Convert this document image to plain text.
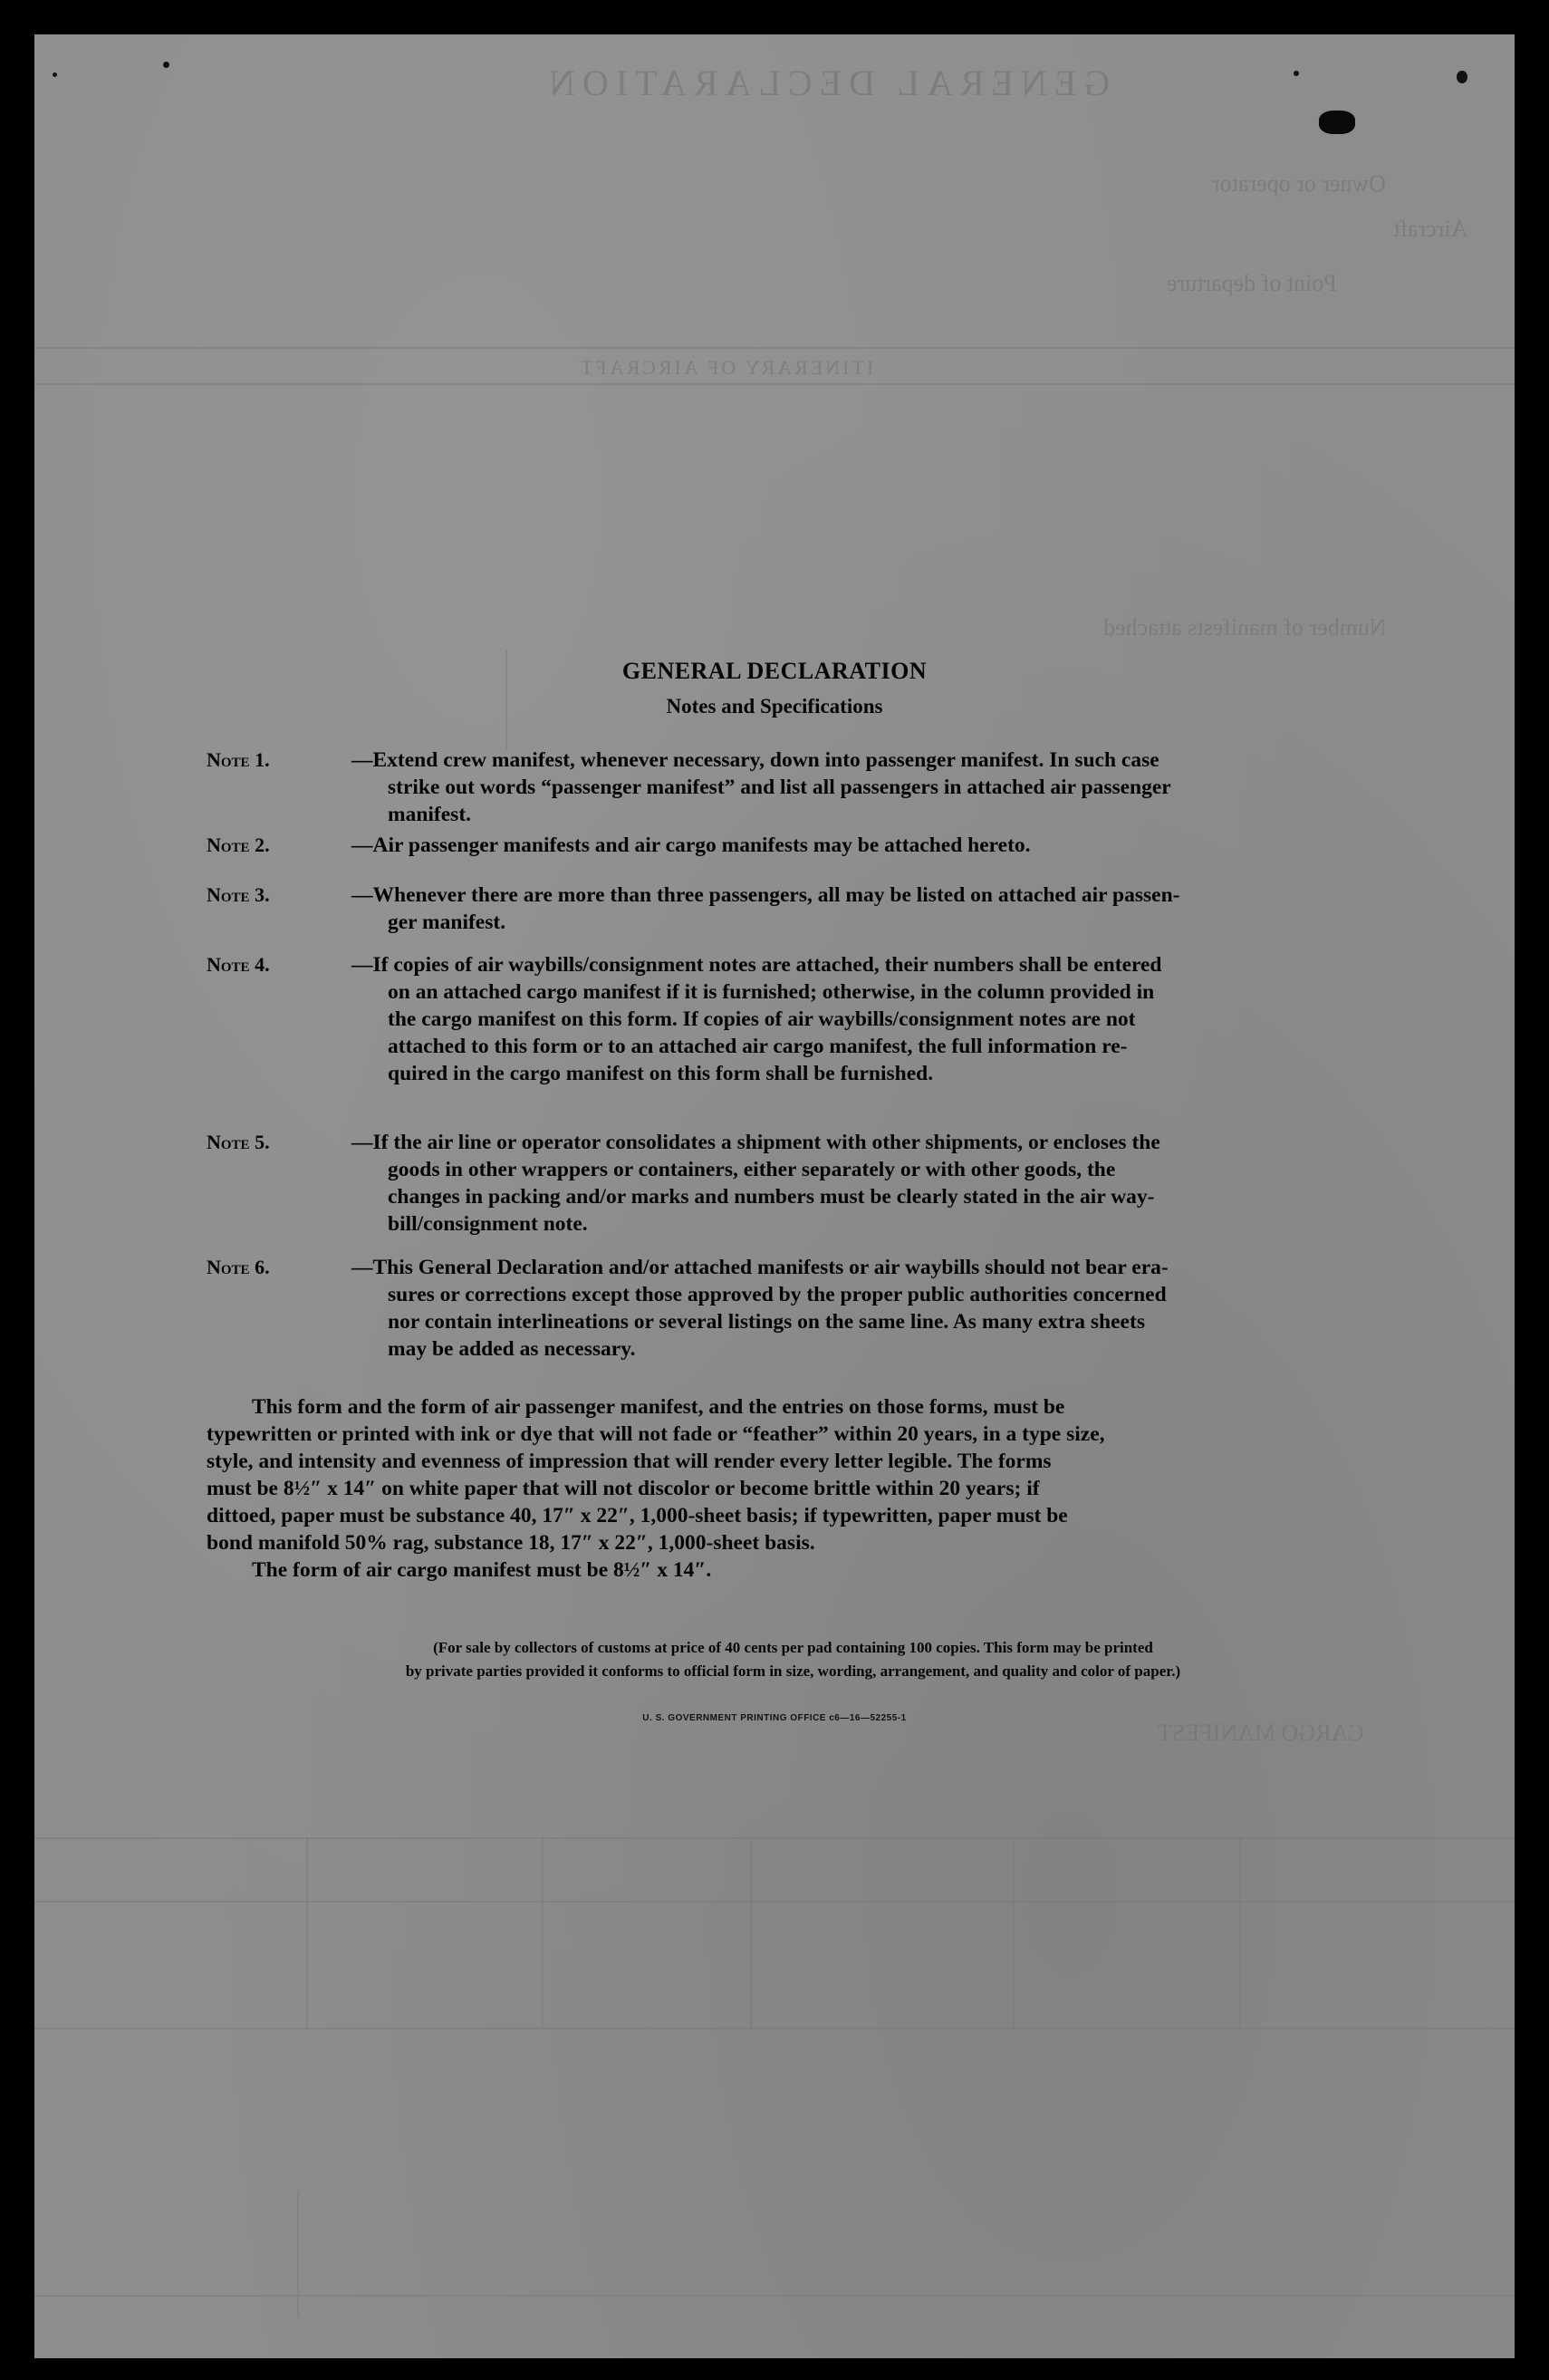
GENERAL DECLARATION
Owner or operator
Aircraft
Point of departure
ITINERARY OF AIRCRAFT
Number of manifests attached
CARGO MANIFEST
GENERAL DECLARATION
Notes and Specifications
Note 1.	—Extend crew manifest, whenever necessary, down into passenger manifest. In such case
strike out words “passenger manifest” and list all passengers in attached air passenger
manifest.
Note 2.	—Air passenger manifests and air cargo manifests may be attached hereto.
Note 3.	—Whenever there are more than three passengers, all may be listed on attached air passen-
ger manifest.
Note 4.	—If copies of air waybills/consignment notes are attached, their numbers shall be entered
on an attached cargo manifest if it is furnished; otherwise, in the column provided in
the cargo manifest on this form. If copies of air waybills/consignment notes are not
attached to this form or to an attached air cargo manifest, the full information re-
quired in the cargo manifest on this form shall be furnished.
Note 5.	—If the air line or operator consolidates a shipment with other shipments, or encloses the
goods in other wrappers or containers, either separately or with other goods, the
changes in packing and/or marks and numbers must be clearly stated in the air way-
bill/consignment note.
Note 6.	—This General Declaration and/or attached manifests or air waybills should not bear era-
sures or corrections except those approved by the proper public authorities concerned
nor contain interlineations or several listings on the same line. As many extra sheets
may be added as necessary.
This form and the form of air passenger manifest, and the entries on those forms, must be
typewritten or printed with ink or dye that will not fade or “feather” within 20 years, in a type size,
style, and intensity and evenness of impression that will render every letter legible. The forms
must be 8½″ x 14″ on white paper that will not discolor or become brittle within 20 years; if
dittoed, paper must be substance 40, 17″ x 22″, 1,000-sheet basis; if typewritten, paper must be
bond manifold 50% rag, substance 18, 17″ x 22″, 1,000-sheet basis.
The form of air cargo manifest must be 8½″ x 14″.
(For sale by collectors of customs at price of 40 cents per pad containing 100 copies. This form may be printed
by private parties provided it conforms to official form in size, wording, arrangement, and quality and color of paper.)
U. S. GOVERNMENT PRINTING OFFICE c6—16—52255-1
